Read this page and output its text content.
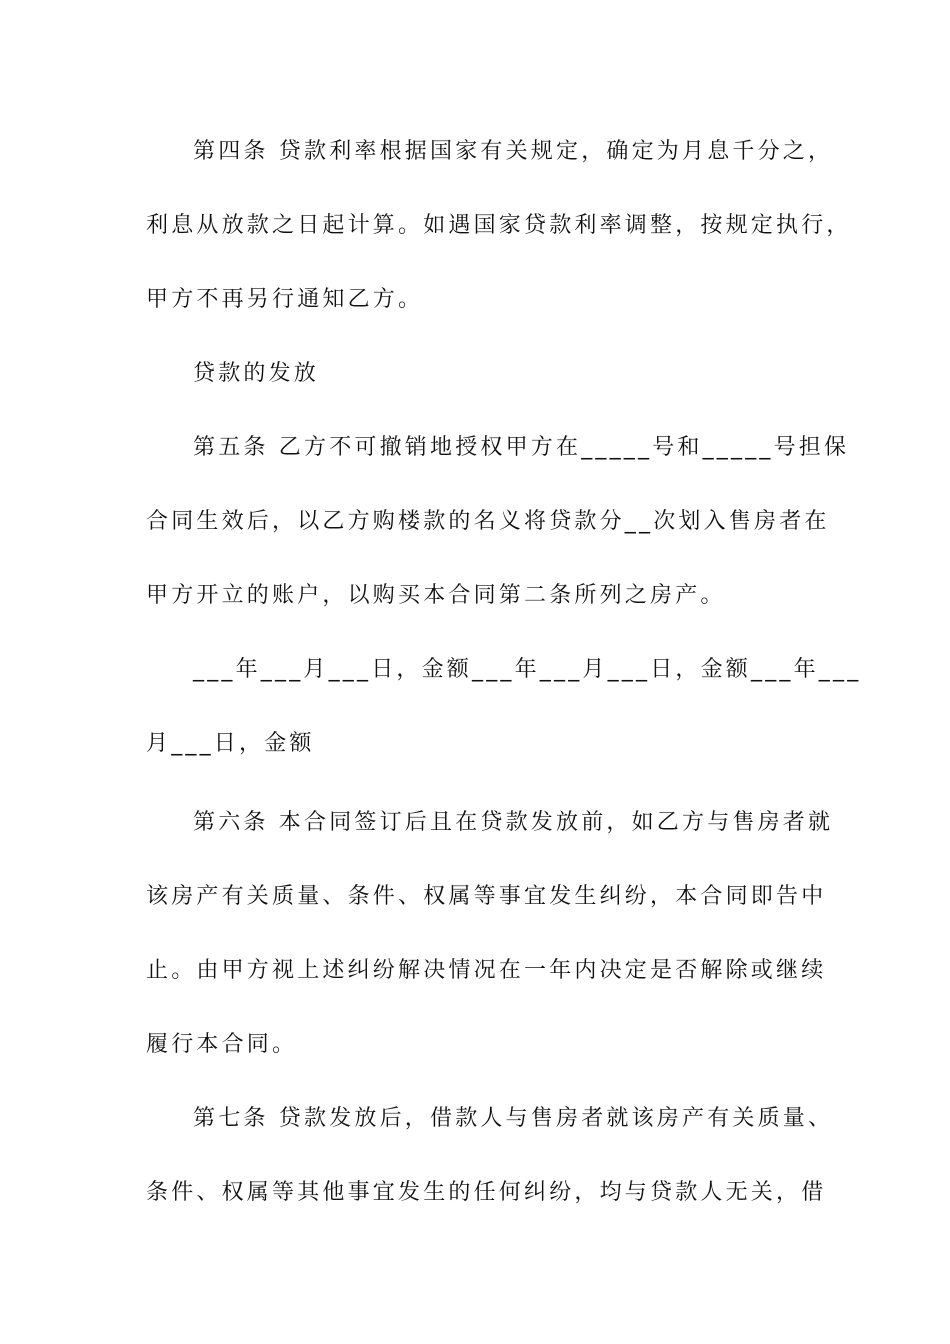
第四条 贷款利率根据国家有关规定，确定为月息千分之，

利息从放款之日起计算。如遇国家贷款利率调整，按规定执行，

甲方不再另行通知乙方。

贷款的发放

第五条 乙方不可撤销地授权甲方在_____号和_____号担保

合同生效后，以乙方购楼款的名义将贷款分__次划入售房者在

甲方开立的账户，以购买本合同第二条所列之房产。

___年___月___日，金额___年___月___日，金额___年___

月___日，金额

第六条 本合同签订后且在贷款发放前，如乙方与售房者就

该房产有关质量、条件、权属等事宜发生纠纷，本合同即告中

止。由甲方视上述纠纷解决情况在一年内决定是否解除或继续

履行本合同。

第七条 贷款发放后，借款人与售房者就该房产有关质量、

条件、权属等其他事宜发生的任何纠纷，均与贷款人无关，借
